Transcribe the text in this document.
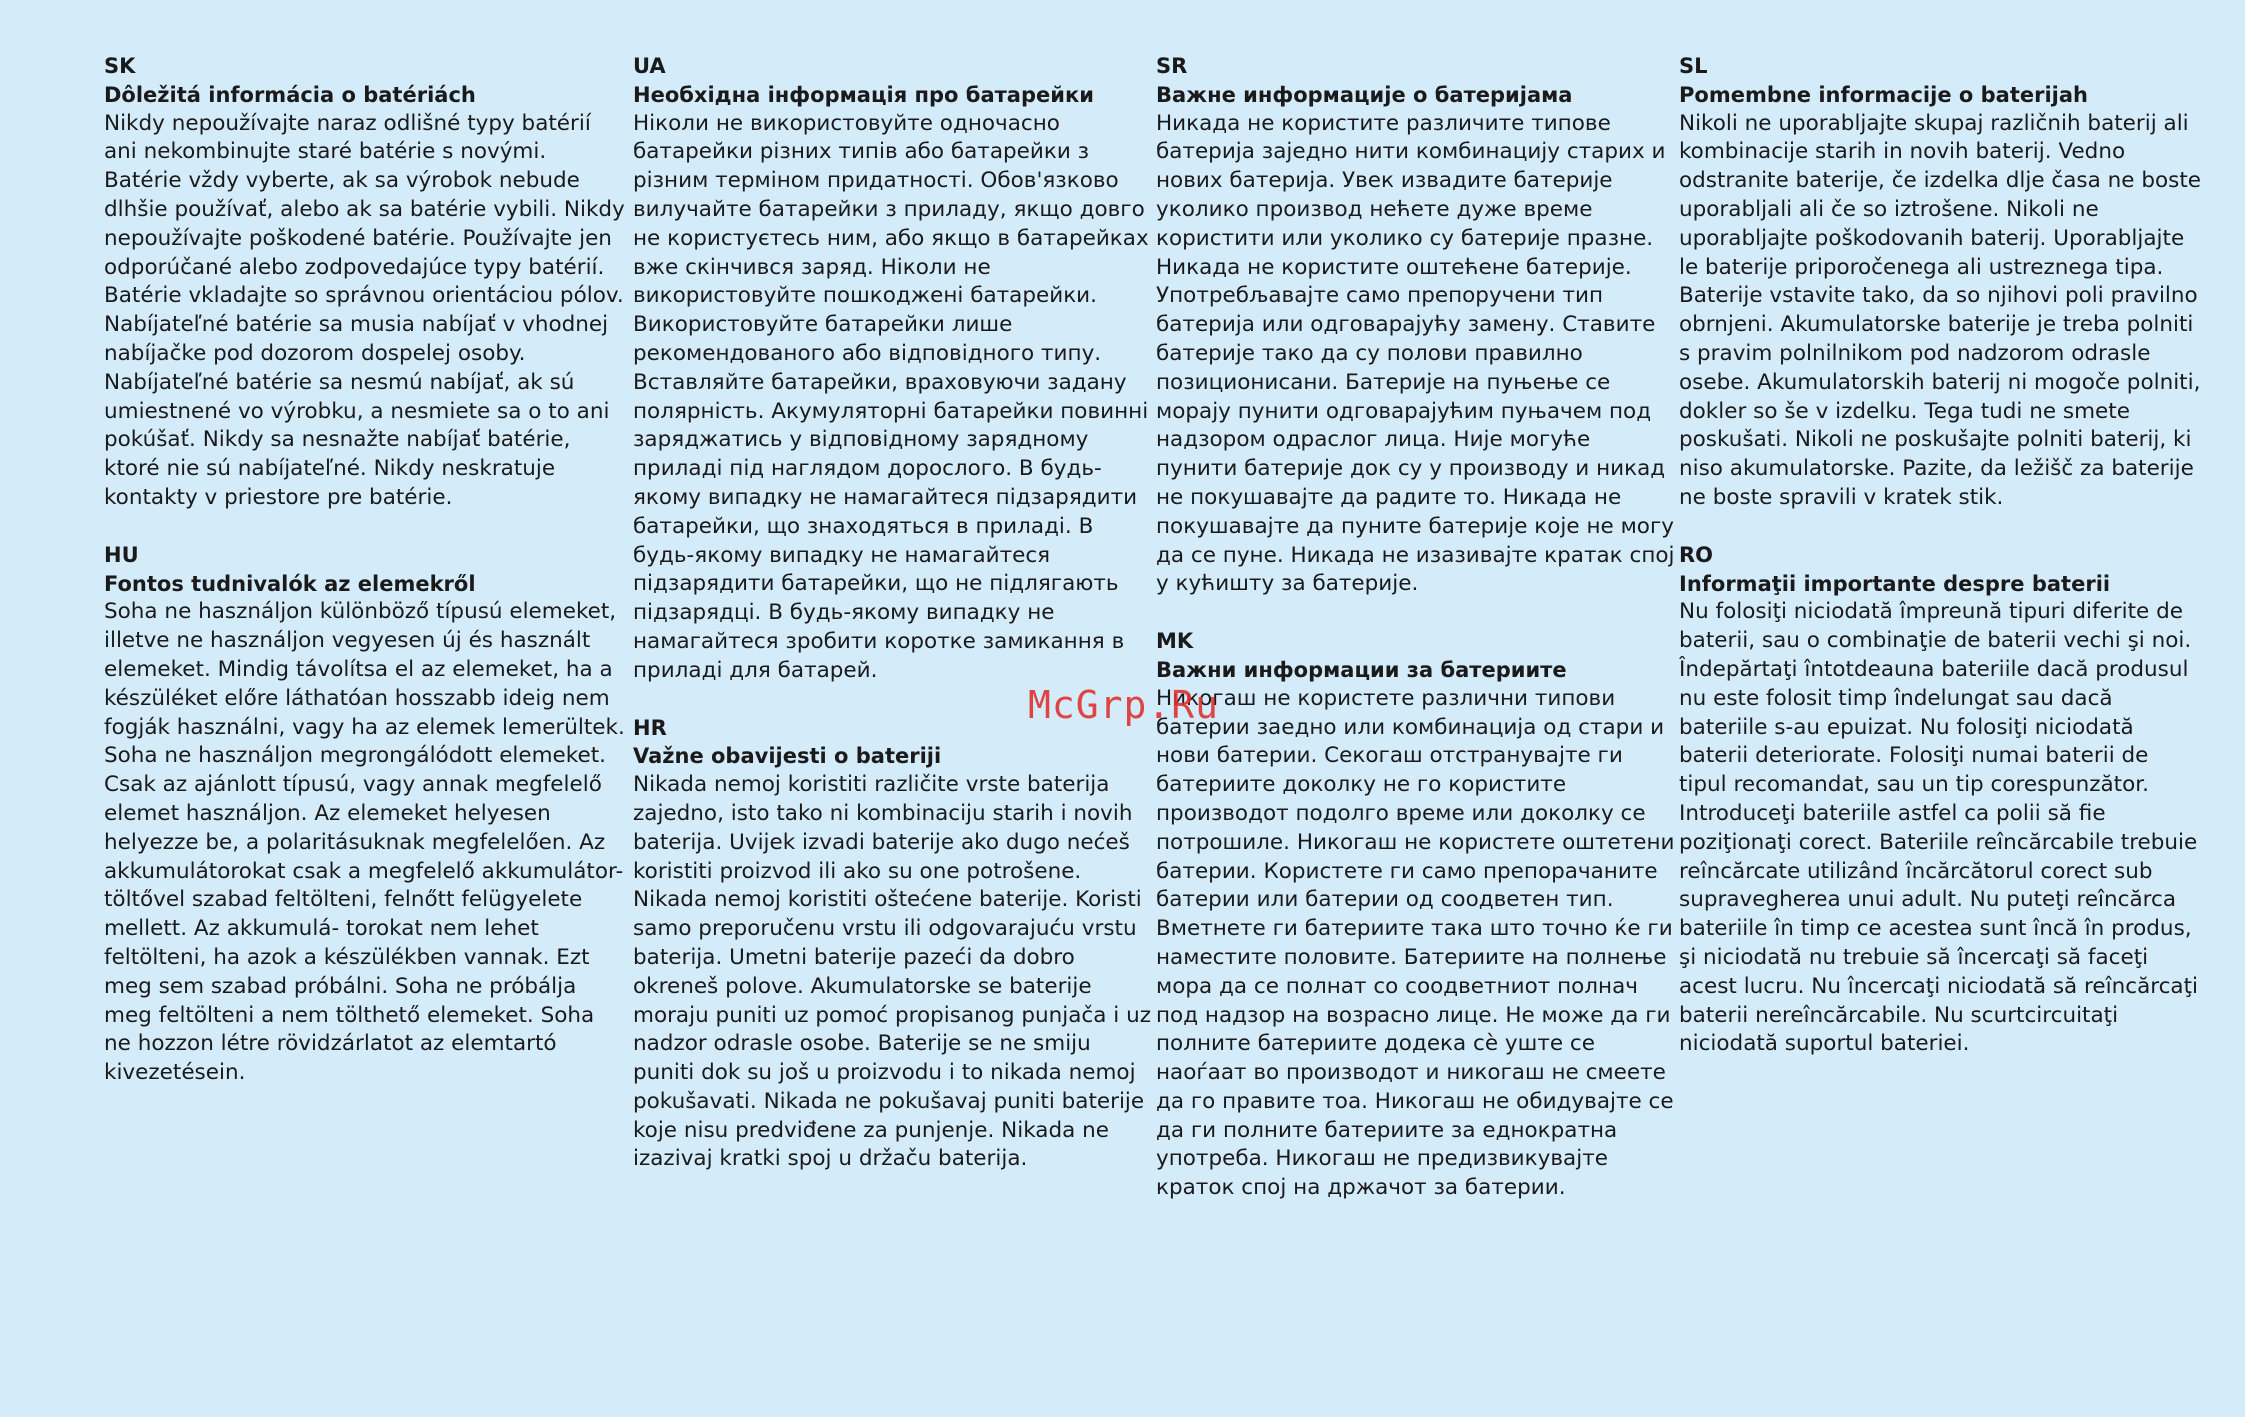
SK
Dôležitá informácia o batériách
Nikdy nepoužívajte naraz odlišné typy batérií ani nekombinujte staré batérie s novými. Batérie vždy vyberte, ak sa výrobok nebude dlhšie používať, alebo ak sa batérie vybili. Nikdy nepoužívajte poškodené batérie. Používajte jen odporúčané alebo zodpovedajúce typy batérií. Batérie vkladajte so správnou orientáciou pólov. Nabíjateľné batérie sa musia nabíjať v vhodnej nabíjačke pod dozorom dospelej osoby. Nabíjateľné batérie sa nesmú nabíjať, ak sú umiestnené vo výrobku, a nesmiete sa o to ani pokúšať. Nikdy sa nesnažte nabíjať batérie, ktoré nie sú nabíjateľné. Nikdy neskratuje kontakty v priestore pre batérie.
HU
Fontos tudnivalók az elemekről
Soha ne használjon különböző típusú elemeket, illetve ne használjon vegyesen új és használt elemeket. Mindig távolítsa el az elemeket, ha a készüléket előre láthatóan hosszabb ideig nem fogják használni, vagy ha az elemek lemerültek. Soha ne használjon megrongálódott elemeket. Csak az ajánlott típusú, vagy annak megfelelő elemet használjon. Az elemeket helyesen helyezze be, a polaritásuknak megfelelően. Az akkumulátorokat csak a megfelelő akkumulátor- töltővel szabad feltölteni, felnőtt felügyelete mellett. Az akkumulá- torokat nem lehet feltölteni, ha azok a készülékben vannak. Ezt meg sem szabad próbálni. Soha ne próbálja meg feltölteni a nem tölthető elemeket. Soha ne hozzon létre rövidzárlatot az elemtartó kivezetésein.
UA
Необхідна інформація про батарейки
Ніколи не використовуйте одночасно батарейки різних типів або батарейки з різним терміном придатності. Обов'язково вилучайте батарейки з приладу, якщо довго не користуєтесь ним, або якщо в батарейках вже скінчився заряд. Ніколи не використовуйте пошкоджені батарейки. Використовуйте батарейки лише рекомендованого або відповідного типу. Вставляйте батарейки, враховуючи задану полярність. Акумуляторні батарейки повинні заряджатись у відповідному зарядному приладі під наглядом дорослого. В будь-якому випадку не намагайтеся підзарядити батарейки, що знаходяться в приладі. В будь-якому випадку не намагайтеся підзарядити батарейки, що не підлягають підзарядці. В будь-якому випадку не намагайтеся зробити коротке замикання в приладі для батарей.
HR
Važne obavijesti o bateriji
Nikada nemoj koristiti različite vrste baterija zajedno, isto tako ni kombinaciju starih i novih baterija. Uvijek izvadi baterije ako dugo nećeš koristiti proizvod ili ako su one potrošene. Nikada nemoj koristiti oštećene baterije. Koristi samo preporučenu vrstu ili odgovarajuću vrstu baterija. Umetni baterije pazeći da dobro okreneš polove. Akumulatorske se baterije moraju puniti uz pomoć propisanog punjača i uz nadzor odrasle osobe. Baterije se ne smiju puniti dok su još u proizvodu i to nikada nemoj pokušavati. Nikada ne pokušavaj puniti baterije koje nisu predviđene za punjenje. Nikada ne izazivaj kratki spoj u držaču baterija.
SR
Важне информације о батеријама
Никада не користите различите типове батерија заједно нити комбинацију старих и нових батерија. Увек извадите батерије уколико производ нећете дуже време користити или уколико су батерије празне. Никада не користите оштећене батерије. Употребљавајте само препоручени тип батерија или одговарајућу замену. Ставите батерије тако да су полови правилно позиционисани. Батерије на пуњење се морају пунити одговарајућим пуњачем под надзором одраслог лица. Није могуће пунити батерије док су у производу и никад не покушавајте да радите то. Никада не покушавајте да пуните батерије које не могу да се пуне. Никада не изазивајте кратак спој у кућишту за батерије.
MK
Важни информации за батериите
Никогаш не користете различни типови батерии заедно или комбинација од стари и нови батерии. Секогаш отстранувајте ги батериите доколку не го користите производот подолго време или доколку се потрошиле. Никогаш не користете оштетени батерии. Користете ги само препорачаните батерии или батерии од соодветен тип. Вметнете ги батериите така што точно ќе ги наместите половите. Батериите на полнење мора да се полнат со соодветниот полнач под надзор на возрасно лице. Не може да ги полните батериите додека сѐ уште се наоѓаат во производот и никогаш не смеете да го правите тоа. Никогаш не обидувајте се да ги полните батериите за еднократна употреба. Никогаш не предизвикувајте краток спој на држачот за батерии.
SL
Pomembne informacije o baterijah
Nikoli ne uporabljajte skupaj različnih baterij ali kombinacije starih in novih baterij. Vedno odstranite baterije, če izdelka dlje časa ne boste uporabljali ali če so iztrošene. Nikoli ne uporabljajte poškodovanih baterij. Uporabljajte le baterije priporočenega ali ustreznega tipa. Baterije vstavite tako, da so njihovi poli pravilno obrnjeni. Akumulatorske baterije je treba polniti s pravim polnilnikom pod nadzorom odrasle osebe. Akumulatorskih baterij ni mogoče polniti, dokler so še v izdelku. Tega tudi ne smete poskušati. Nikoli ne poskušajte polniti baterij, ki niso akumulatorske. Pazite, da ležišč za baterije ne boste spravili v kratek stik.
RO
Informaţii importante despre baterii
Nu folosiţi niciodată împreună tipuri diferite de baterii, sau o combinaţie de baterii vechi şi noi. Îndepărtaţi întotdeauna bateriile dacă produsul nu este folosit timp îndelungat sau dacă bateriile s-au epuizat. Nu folosiţi niciodată baterii deteriorate. Folosiţi numai baterii de tipul recomandat, sau un tip corespunzător. Introduceţi bateriile astfel ca polii să fie poziţionaţi corect. Bateriile reîncărcabile trebuie reîncărcate utilizând încărcătorul corect sub supravegherea unui adult. Nu puteţi reîncărca bateriile în timp ce acestea sunt încă în produs, şi niciodată nu trebuie să încercaţi să faceţi acest lucru. Nu încercaţi niciodată să reîncărcaţi baterii nereîncărcabile. Nu scurtcircuitaţi niciodată suportul bateriei.
McGrp.Ru
